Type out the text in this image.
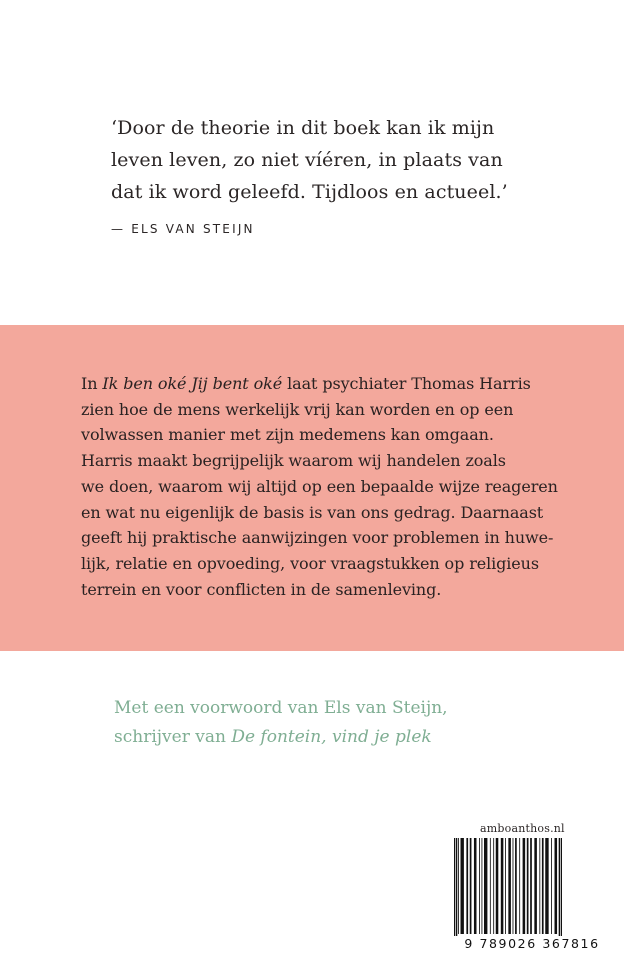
‘Door de theorie in dit boek kan ik mijn
leven leven, zo niet víéren, in plaats van
dat ik word geleefd. Tijdloos en actueel.’
— ELS VAN STEIJN
In Ik ben oké Jij bent oké laat psychiater Thomas Harris
zien hoe de mens werkelijk vrij kan worden en op een
volwassen manier met zijn medemens kan omgaan.
Harris maakt begrijpelijk waarom wij handelen zoals
we doen, waarom wij altijd op een bepaalde wijze reageren
en wat nu eigenlijk de basis is van ons gedrag. Daarnaast
geeft hij praktische aanwijzingen voor problemen in huwe-
lijk, relatie en opvoeding, voor vraagstukken op religieus
terrein en voor conflicten in de samenleving.
Met een voorwoord van Els van Steijn,
schrijver van De fontein, vind je plek
amboanthos.nl
9 789026 367816
